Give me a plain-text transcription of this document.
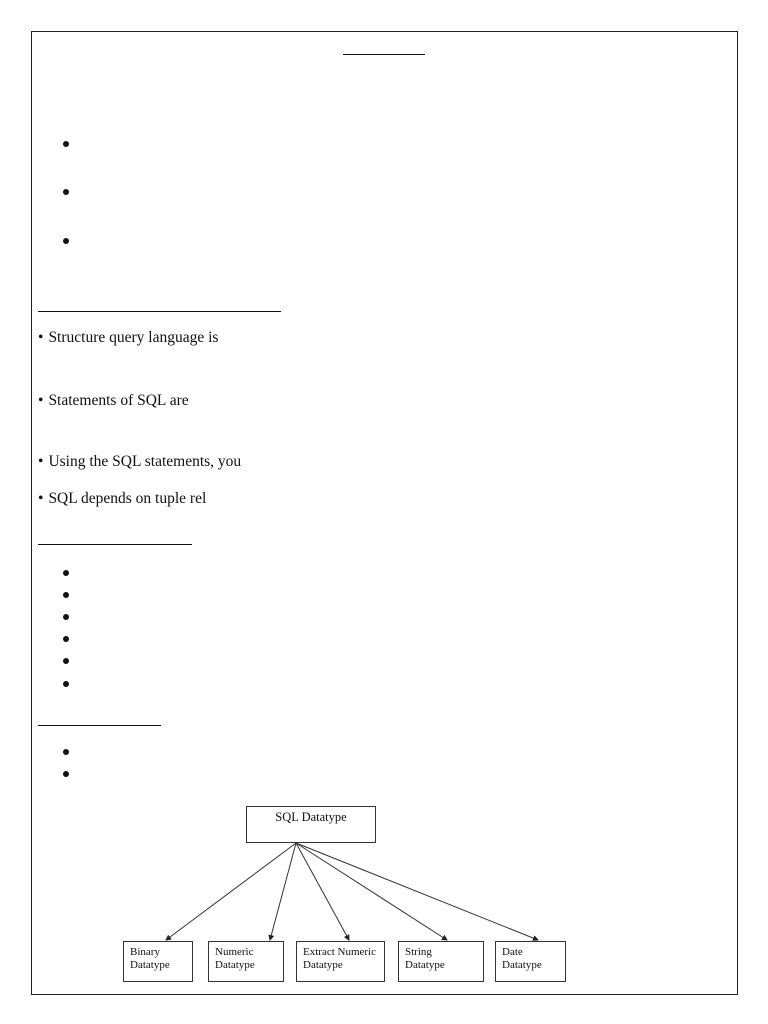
• Structure query language is
• Statements of SQL are
• Using the SQL statements, you
• SQL depends on tuple rel
SQL Datatype
Binary
Datatype
Numeric
Datatype
Extract Numeric
Datatype
String
Datatype
Date
Datatype
